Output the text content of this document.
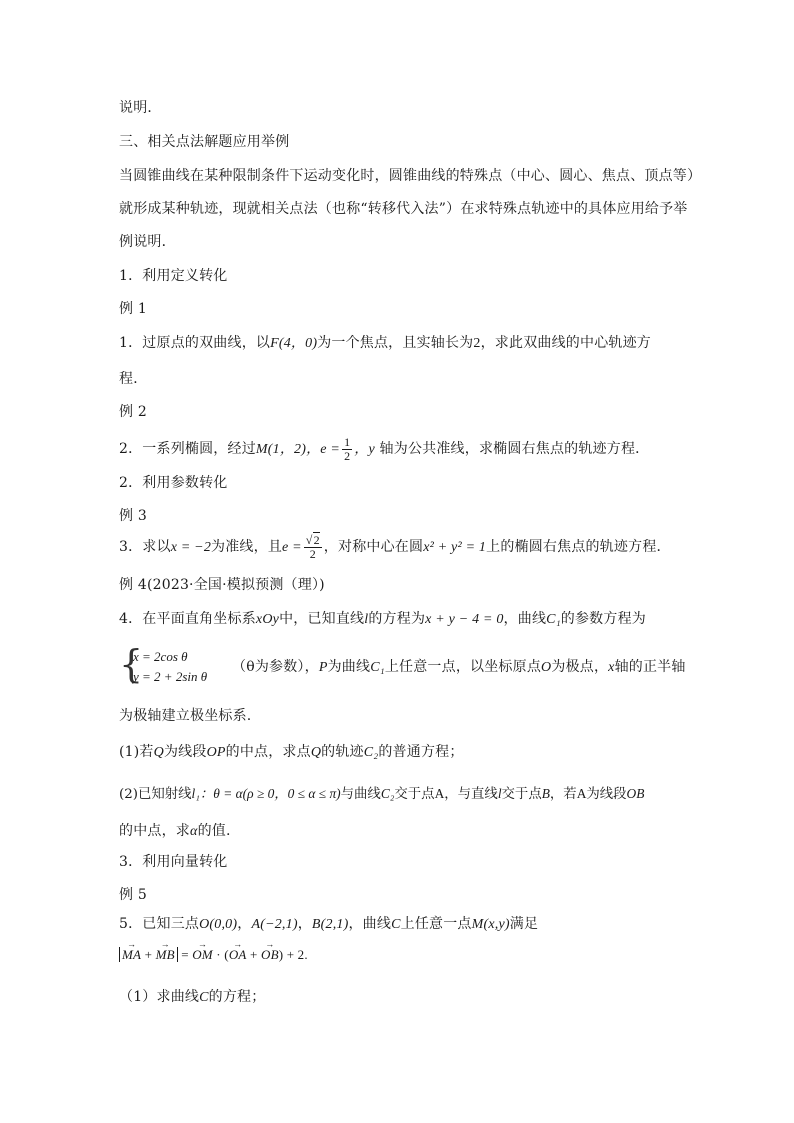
说明．
三、相关点法解题应用举例
当圆锥曲线在某种限制条件下运动变化时，圆锥曲线的特殊点（中心、圆心、焦点、顶点等）
就形成某种轨迹，现就相关点法（也称“转移代入法”）在求特殊点轨迹中的具体应用给予举
例说明．
1．利用定义转化
例 1
1．过原点的双曲线，以F(4，0)为一个焦点，且实轴长为2，求此双曲线的中心轨迹方
程．
例 2
2．一系列椭圆，经过M(1，2)，$e = \frac{1}{2}$ ，y 轴为公共准线，求椭圆右焦点的轨迹方程．
2．利用参数转化
例 3
3．求以x = −2为准线，且$e = \frac{√2}{2}$ ，对称中心在圆x² + y² = 1上的椭圆右焦点的轨迹方程．
例 4(2023·全国·模拟预测（理）)
4．在平面直角坐标系xOy中，已知直线l的方程为x + y − 4 = 0，曲线C₁的参数方程为
{
x = 2cos θ
y = 2 + 2sin θ
（θ为参数），P为曲线C₁上任意一点，以坐标原点O为极点，x轴的正半轴
为极轴建立极坐标系.
(1)若Q为线段OP的中点，求点Q的轨迹C₂的普通方程；
(2)已知射线l₁：θ = α(ρ ≥ 0，0 ≤ α ≤ π)与曲线C₂交于点A，与直线l交于点B，若A为线段OB
的中点，求α的值.
3．利用向量转化
例 5
5．已知三点O(0,0)，A(−2,1)，B(2,1)，曲线C上任意一点M(x,y)满足
→ MA + → MB = → OM · (→ OA + → OB) + 2.
（1）求曲线C的方程；
